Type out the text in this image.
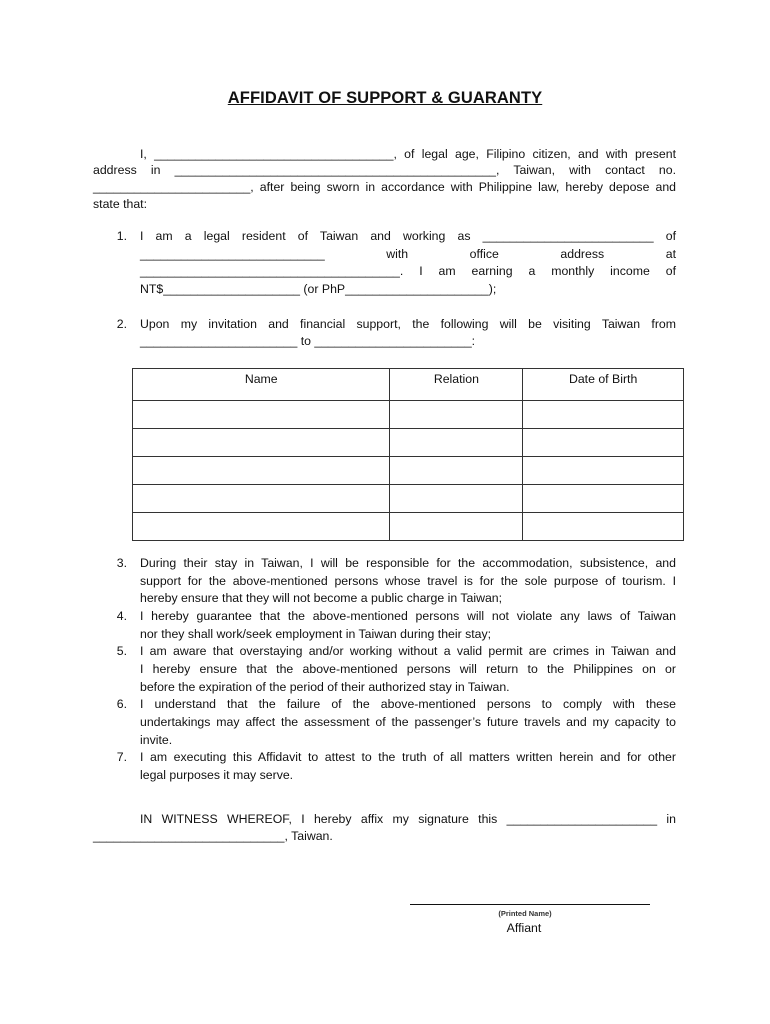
AFFIDAVIT OF SUPPORT & GUARANTY
I, ___________________________________, of legal age, Filipino citizen, and with present
address in _______________________________________________, Taiwan, with contact no.
_______________________, after being sworn in accordance with Philippine law, hereby depose and
state that:
1. I am a legal resident of Taiwan and working as _________________________ of
___________________________ with office address at
______________________________________. I am earning a monthly income of
NT$____________________ (or PhP_____________________);
2. Upon my invitation and financial support, the following will be visiting Taiwan from
_______________________ to _______________________:
Name	Relation	Date of Birth

3. During their stay in Taiwan, I will be responsible for the accommodation, subsistence, and
support for the above-mentioned persons whose travel is for the sole purpose of tourism. I
hereby ensure that they will not become a public charge in Taiwan;
4. I hereby guarantee that the above-mentioned persons will not violate any laws of Taiwan
nor they shall work/seek employment in Taiwan during their stay;
5. I am aware that overstaying and/or working without a valid permit are crimes in Taiwan and
I hereby ensure that the above-mentioned persons will return to the Philippines on or
before the expiration of the period of their authorized stay in Taiwan.
6. I understand that the failure of the above-mentioned persons to comply with these
undertakings may affect the assessment of the passenger’s future travels and my capacity to
invite.
7. I am executing this Affidavit to attest to the truth of all matters written herein and for other
legal purposes it may serve.
IN WITNESS WHEREOF, I hereby affix my signature this ______________________ in
____________________________, Taiwan.
(Printed Name)
Affiant
